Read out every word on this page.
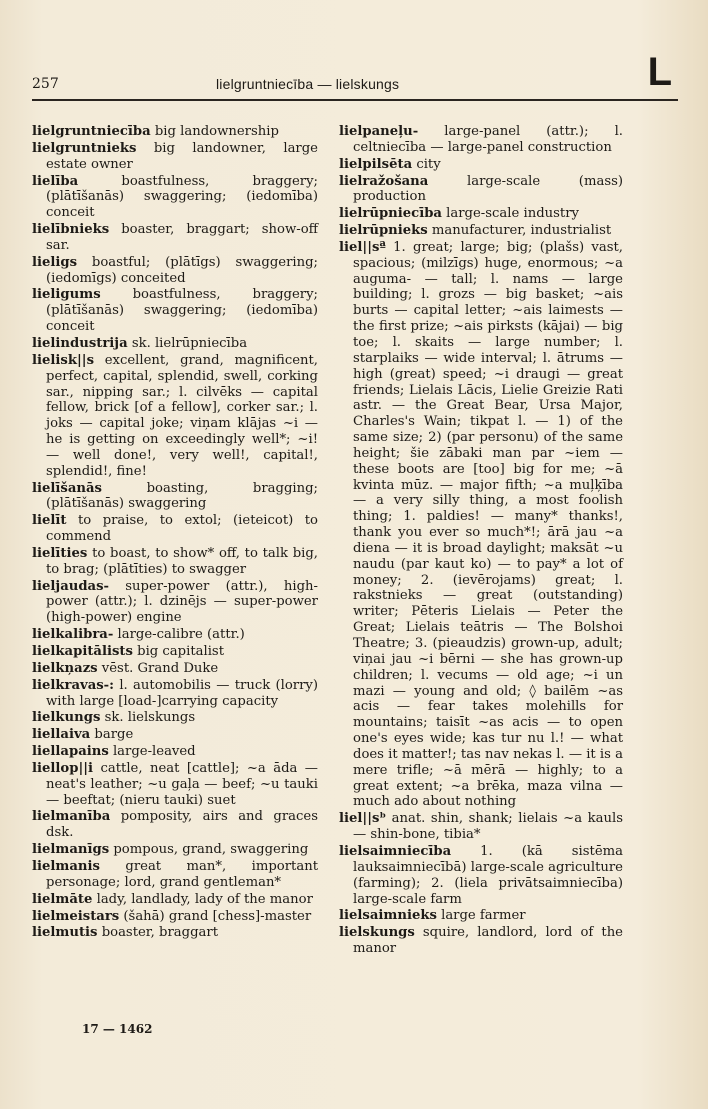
257	lielgruntniecība — lielskungs	L
lielgruntniecība big landownership
lielgruntnieks big landowner, large estate owner
lielība boastfulness, braggery; (plātīšanās) swaggering; (iedomība) conceit
lielībnieks boaster, braggart; show-off sar.
lieligs boastful; (plātīgs) swaggering; (iedomīgs) conceited
lieligums boastfulness, braggery; (plātīšanās) swaggering; (iedomība) conceit
lielindustrija sk. lielrūpniecība
lielisk||s excellent, grand, magnificent, perfect, capital, splendid, swell, corking sar., nipping sar.; l. cilvēks — capital fellow, brick [of a fellow], corker sar.; l. joks — capital joke; viņam klājas ~i — he is getting on exceedingly well*; ~i! — well done!, very well!, capital!, splendid!, fine!
lielīšanās boasting, bragging; (plātīšanās) swaggering
lielīt to praise, to extol; (ieteicot) to commend
lielīties to boast, to show* off, to talk big, to brag; (plātīties) to swagger
lieljaudas- super-power (attr.), high-power (attr.); l. dzinējs — super-power (high-power) engine
lielkalibra- large-calibre (attr.)
lielkapitālists big capitalist
lielkņazs vēst. Grand Duke
lielkravas-: l. automobilis — truck (lorry) with large [load-]carrying capacity
lielkungs sk. lielskungs
liellaiva barge
liellapains large-leaved
liellop||i cattle, neat [cattle]; ~a āda — neat's leather; ~u gaļa — beef; ~u tauki — beeftat; (nieru tauki) suet
lielmanība pomposity, airs and graces dsk.
lielmanīgs pompous, grand, swaggering
lielmanis great man*, important personage; lord, grand gentleman*
lielmāte lady, landlady, lady of the manor
lielmeistars (šahā) grand [chess]-master
lielmutis boaster, braggart
lielpaneļu- large-panel (attr.); l. celtniecība — large-panel construction
lielpilsēta city
lielražošana large-scale (mass) production
lielrūpniecība large-scale industry
lielrūpnieks manufacturer, industrialist
liel||sª 1. great; large; big; (plašs) vast, spacious; (milzīgs) huge, enormous; ~a auguma- — tall; l. nams — large building; l. grozs — big basket; ~ais burts — capital letter; ~ais laimests — the first prize; ~ais pirksts (kājai) — big toe; l. skaits — large number; l. starplaiks — wide interval; l. ātrums — high (great) speed; ~i draugi — great friends; Lielais Lācis, Lielie Greizie Rati astr. — the Great Bear, Ursa Major, Charles's Wain; tikpat l. — 1) of the same size; 2) (par personu) of the same height; šie zābaki man par ~iem — these boots are [too] big for me; ~ā kvinta mūz. — major fifth; ~a muļķība — a very silly thing, a most foolish thing; 1. paldies! — many* thanks!, thank you ever so much*!; ārā jau ~a diena — it is broad daylight; maksāt ~u naudu (par kaut ko) — to pay* a lot of money; 2. (ievērojams) great; l. rakstnieks — great (outstanding) writer; Pēteris Lielais — Peter the Great; Lielais teātris — The Bolshoi Theatre; 3. (pieaudzis) grown-up, adult; viņai jau ~i bērni — she has grown-up children; l. vecums — old age; ~i un mazi — young and old; ◊ bailēm ~as acis — fear takes molehills for mountains; taisīt ~as acis — to open one's eyes wide; kas tur nu l.! — what does it matter!; tas nav nekas l. — it is a mere trifle; ~ā mērā — highly; to a great extent; ~a brēka, maza vilna — much ado about nothing
liel||sᵇ anat. shin, shank; lielais ~a kauls — shin-bone, tibia*
lielsaimniecība 1. (kā sistēma lauksaimniecībā) large-scale agriculture (farming); 2. (liela privātsaimniecība) large-scale farm
lielsaimnieks large farmer
lielskungs squire, landlord, lord of the manor
17 — 1462
